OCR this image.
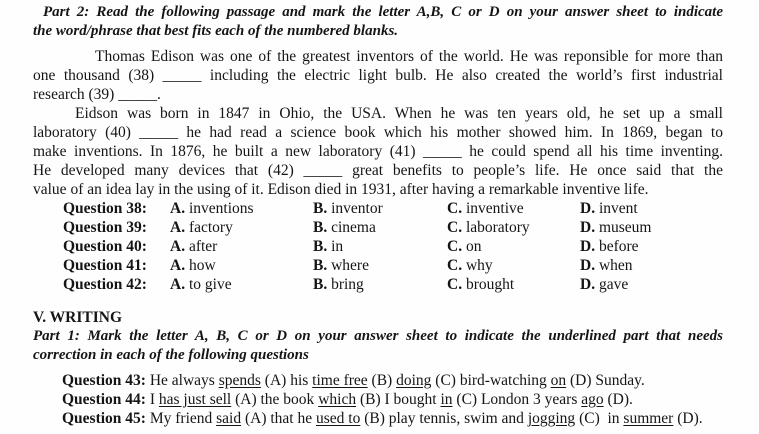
Part 2: Read the following passage and mark the letter A,B, C or D on your answer sheet to indicate
the word/phrase that best fits each of the numbered blanks.
Thomas Edison was one of the greatest inventors of the world. He was reponsible for more than
one thousand (38) _____ including the electric light bulb. He also created the world’s first industrial
research (39) _____.
Eidson was born in 1847 in Ohio, the USA. When he was ten years old, he set up a small
laboratory (40) _____ he had read a science book which his mother showed him. In 1869, began to
make inventions. In 1876, he built a new laboratory (41) _____ he could spend all his time inventing.
He developed many devices that (42) _____ great benefits to people’s life. He once said that the
value of an idea lay in the using of it. Edison died in 1931, after having a remarkable inventive life.
Question 38:	A. inventions	B. inventor	C. inventive	D. invent
Question 39:	A. factory	B. cinema	C. laboratory	D. museum
Question 40:	A. after	B. in	C. on	D. before
Question 41:	A. how	B. where	C. why	D. when
Question 42:	A. to give	B. bring	C. brought	D. gave
V. WRITING
Part 1: Mark the letter A, B, C or D on your answer sheet to indicate the underlined part that needs
correction in each of the following questions
Question 43: He always spends (A) his time free (B) doing (C) bird-watching on (D) Sunday.
Question 44: I has just sell (A) the book which (B) I bought in (C) London 3 years ago (D).
Question 45: My friend said (A) that he used to (B) play tennis, swim and jogging (C)  in summer (D).
